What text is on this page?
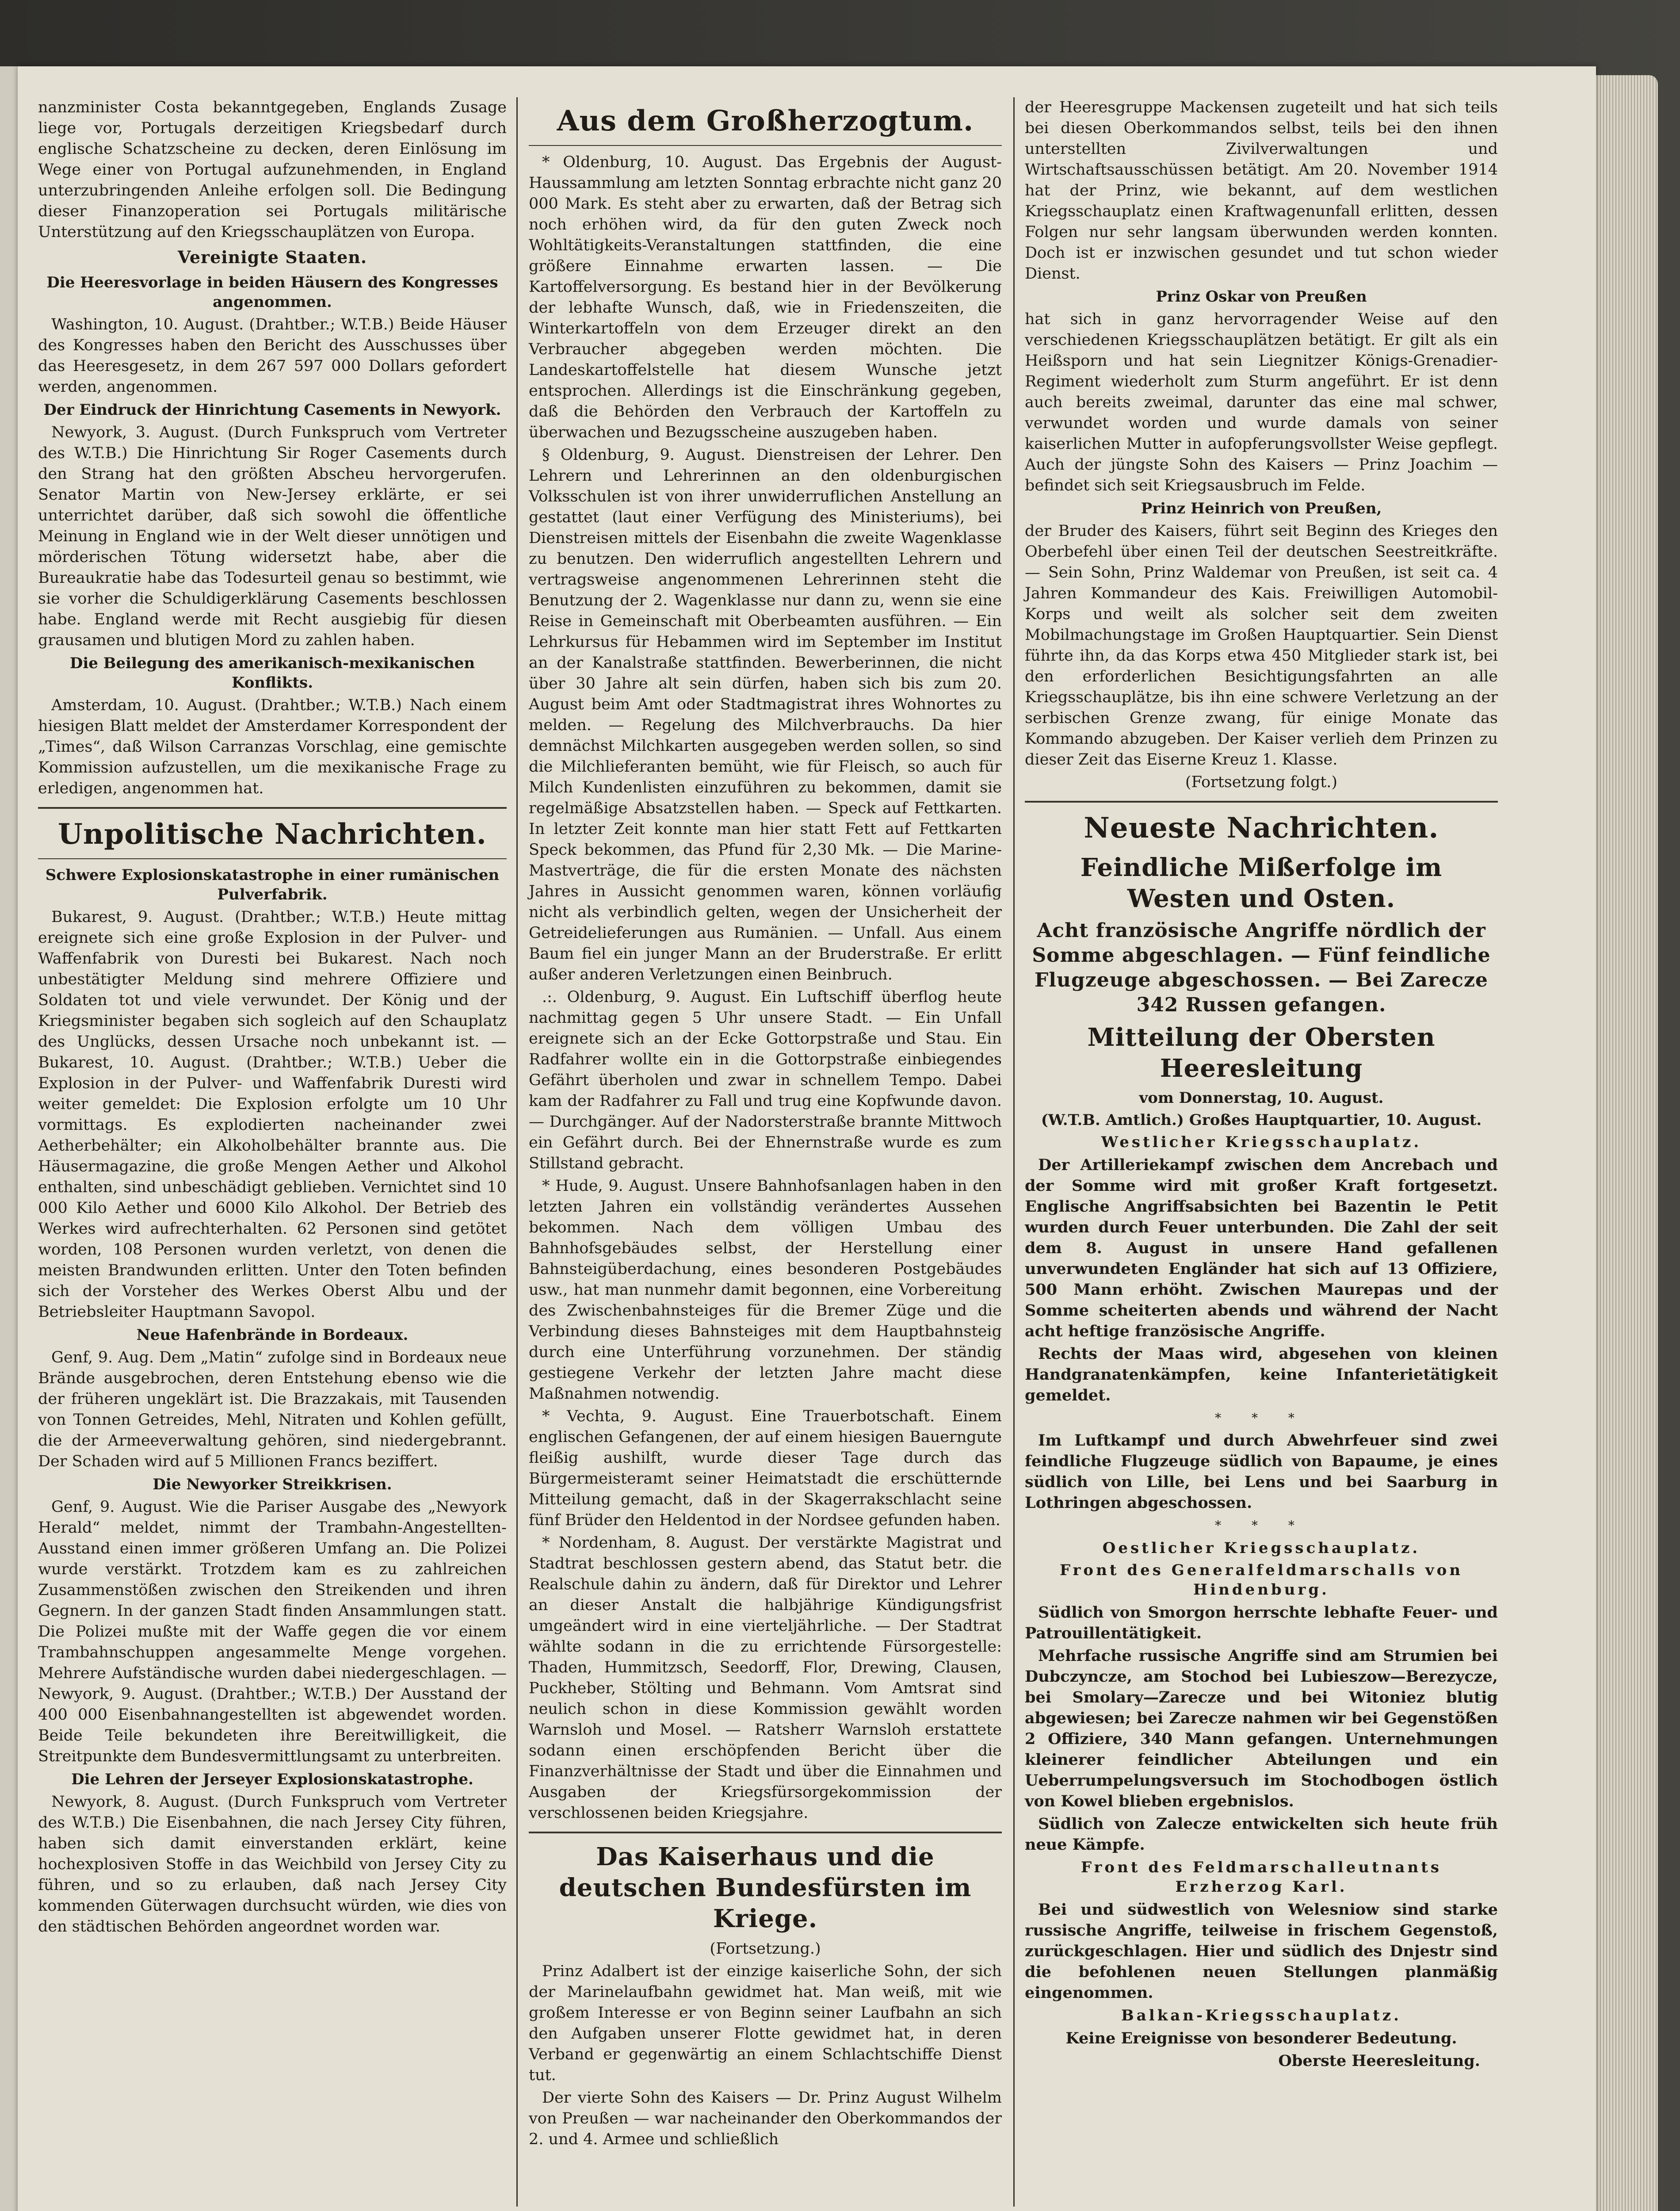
nanzminister Costa bekanntgegeben, Englands Zusage liege vor, Portugals derzeitigen Kriegsbedarf durch englische Schatzscheine zu decken, deren Einlösung im Wege einer von Portugal aufzunehmenden, in England unterzubringenden Anleihe erfolgen soll. Die Bedingung dieser Finanzoperation sei Portugals militärische Unterstützung auf den Kriegsschauplätzen von Europa.

Vereinigte Staaten.
Die Heeresvorlage in beiden Häusern des Kongresses angenommen.

Washington, 10. August. (Drahtber.; W.T.B.) Beide Häuser des Kongresses haben den Bericht des Ausschusses über das Heeresgesetz, in dem 267 597 000 Dollars gefordert werden, angenommen.

Der Eindruck der Hinrichtung Casements in Newyork.

Newyork, 3. August. (Durch Funkspruch vom Vertreter des W.T.B.) Die Hinrichtung Sir Roger Casements durch den Strang hat den größten Abscheu hervorgerufen. Senator Martin von New-Jersey erklärte, er sei unterrichtet darüber, daß sich sowohl die öffentliche Meinung in England wie in der Welt dieser unnötigen und mörderischen Tötung widersetzt habe, aber die Bureaukratie habe das Todesurteil genau so bestimmt, wie sie vorher die Schuldigerklärung Casements beschlossen habe. England werde mit Recht ausgiebig für diesen grausamen und blutigen Mord zu zahlen haben.

Die Beilegung des amerikanisch-mexikanischen Konflikts.

Amsterdam, 10. August. (Drahtber.; W.T.B.) Nach einem hiesigen Blatt meldet der Amsterdamer Korrespondent der „Times“, daß Wilson Carranzas Vorschlag, eine gemischte Kommission aufzustellen, um die mexikanische Frage zu erledigen, angenommen hat.

Unpolitische Nachrichten.
Schwere Explosionskatastrophe in einer rumänischen Pulverfabrik.

Bukarest, 9. August. (Drahtber.; W.T.B.) Heute mittag ereignete sich eine große Explosion in der Pulver- und Waffenfabrik von Duresti bei Bukarest. Nach noch unbestätigter Meldung sind mehrere Offiziere und Soldaten tot und viele verwundet. Der König und der Kriegsminister begaben sich sogleich auf den Schauplatz des Unglücks, dessen Ursache noch unbekannt ist. — Bukarest, 10. August. (Drahtber.; W.T.B.) Ueber die Explosion in der Pulver- und Waffenfabrik Duresti wird weiter gemeldet: Die Explosion erfolgte um 10 Uhr vormittags. Es explodierten nacheinander zwei Aetherbehälter; ein Alkoholbehälter brannte aus. Die Häusermagazine, die große Mengen Aether und Alkohol enthalten, sind unbeschädigt geblieben. Vernichtet sind 10 000 Kilo Aether und 6000 Kilo Alkohol. Der Betrieb des Werkes wird aufrechterhalten. 62 Personen sind getötet worden, 108 Personen wurden verletzt, von denen die meisten Brandwunden erlitten. Unter den Toten befinden sich der Vorsteher des Werkes Oberst Albu und der Betriebsleiter Hauptmann Savopol.

Neue Hafenbrände in Bordeaux.

Genf, 9. Aug. Dem „Matin“ zufolge sind in Bordeaux neue Brände ausgebrochen, deren Entstehung ebenso wie die der früheren ungeklärt ist. Die Brazzakais, mit Tausenden von Tonnen Getreides, Mehl, Nitraten und Kohlen gefüllt, die der Armeeverwaltung gehören, sind niedergebrannt. Der Schaden wird auf 5 Millionen Francs beziffert.

Die Newyorker Streikkrisen.

Genf, 9. August. Wie die Pariser Ausgabe des „Newyork Herald“ meldet, nimmt der Trambahn-Angestellten-Ausstand einen immer größeren Umfang an. Die Polizei wurde verstärkt. Trotzdem kam es zu zahlreichen Zusammenstößen zwischen den Streikenden und ihren Gegnern. In der ganzen Stadt finden Ansammlungen statt. Die Polizei mußte mit der Waffe gegen die vor einem Trambahnschuppen angesammelte Menge vorgehen. Mehrere Aufständische wurden dabei niedergeschlagen. — Newyork, 9. August. (Drahtber.; W.T.B.) Der Ausstand der 400 000 Eisenbahnangestellten ist abgewendet worden. Beide Teile bekundeten ihre Bereitwilligkeit, die Streitpunkte dem Bundesvermittlungsamt zu unterbreiten.

Die Lehren der Jerseyer Explosionskatastrophe.

Newyork, 8. August. (Durch Funkspruch vom Vertreter des W.T.B.) Die Eisenbahnen, die nach Jersey City führen, haben sich damit einverstanden erklärt, keine hochexplosiven Stoffe in das Weichbild von Jersey City zu führen, und so zu erlauben, daß nach Jersey City kommenden Güterwagen durchsucht würden, wie dies von den städtischen Behörden angeordnet worden war.

Aus dem Großherzogtum.

* Oldenburg, 10. August. Das Ergebnis der August-Haussammlung am letzten Sonntag erbrachte nicht ganz 20 000 Mark. Es steht aber zu erwarten, daß der Betrag sich noch erhöhen wird, da für den guten Zweck noch Wohltätigkeits-Veranstaltungen stattfinden, die eine größere Einnahme erwarten lassen. — Die Kartoffelversorgung. Es bestand hier in der Bevölkerung der lebhafte Wunsch, daß, wie in Friedenszeiten, die Winterkartoffeln von dem Erzeuger direkt an den Verbraucher abgegeben werden möchten. Die Landeskartoffelstelle hat diesem Wunsche jetzt entsprochen. Allerdings ist die Einschränkung gegeben, daß die Behörden den Verbrauch der Kartoffeln zu überwachen und Bezugsscheine auszugeben haben.

§ Oldenburg, 9. August. Dienstreisen der Lehrer. Den Lehrern und Lehrerinnen an den oldenburgischen Volksschulen ist von ihrer unwiderruflichen Anstellung an gestattet (laut einer Verfügung des Ministeriums), bei Dienstreisen mittels der Eisenbahn die zweite Wagenklasse zu benutzen. Den widerruflich angestellten Lehrern und vertragsweise angenommenen Lehrerinnen steht die Benutzung der 2. Wagenklasse nur dann zu, wenn sie eine Reise in Gemeinschaft mit Oberbeamten ausführen. — Ein Lehrkursus für Hebammen wird im September im Institut an der Kanalstraße stattfinden. Bewerberinnen, die nicht über 30 Jahre alt sein dürfen, haben sich bis zum 20. August beim Amt oder Stadtmagistrat ihres Wohnortes zu melden. — Regelung des Milchverbrauchs. Da hier demnächst Milchkarten ausgegeben werden sollen, so sind die Milchlieferanten bemüht, wie für Fleisch, so auch für Milch Kundenlisten einzuführen zu bekommen, damit sie regelmäßige Absatzstellen haben. — Speck auf Fettkarten. In letzter Zeit konnte man hier statt Fett auf Fettkarten Speck bekommen, das Pfund für 2,30 Mk. — Die Marine-Mastverträge, die für die ersten Monate des nächsten Jahres in Aussicht genommen waren, können vorläufig nicht als verbindlich gelten, wegen der Unsicherheit der Getreidelieferungen aus Rumänien. — Unfall. Aus einem Baum fiel ein junger Mann an der Bruderstraße. Er erlitt außer anderen Verletzungen einen Beinbruch.

.:. Oldenburg, 9. August. Ein Luftschiff überflog heute nachmittag gegen 5 Uhr unsere Stadt. — Ein Unfall ereignete sich an der Ecke Gottorpstraße und Stau. Ein Radfahrer wollte ein in die Gottorpstraße einbiegendes Gefährt überholen und zwar in schnellem Tempo. Dabei kam der Radfahrer zu Fall und trug eine Kopfwunde davon. — Durchgänger. Auf der Nadorsterstraße brannte Mittwoch ein Gefährt durch. Bei der Ehnernstraße wurde es zum Stillstand gebracht.

* Hude, 9. August. Unsere Bahnhofsanlagen haben in den letzten Jahren ein vollständig verändertes Aussehen bekommen. Nach dem völligen Umbau des Bahnhofsgebäudes selbst, der Herstellung einer Bahnsteigüberdachung, eines besonderen Postgebäudes usw., hat man nunmehr damit begonnen, eine Vorbereitung des Zwischenbahnsteiges für die Bremer Züge und die Verbindung dieses Bahnsteiges mit dem Hauptbahnsteig durch eine Unterführung vorzunehmen. Der ständig gestiegene Verkehr der letzten Jahre macht diese Maßnahmen notwendig.

* Vechta, 9. August. Eine Trauerbotschaft. Einem englischen Gefangenen, der auf einem hiesigen Bauerngute fleißig aushilft, wurde dieser Tage durch das Bürgermeisteramt seiner Heimatstadt die erschütternde Mitteilung gemacht, daß in der Skagerrakschlacht seine fünf Brüder den Heldentod in der Nordsee gefunden haben.

* Nordenham, 8. August. Der verstärkte Magistrat und Stadtrat beschlossen gestern abend, das Statut betr. die Realschule dahin zu ändern, daß für Direktor und Lehrer an dieser Anstalt die halbjährige Kündigungsfrist umgeändert wird in eine vierteljährliche. — Der Stadtrat wählte sodann in die zu errichtende Fürsorgestelle: Thaden, Hummitzsch, Seedorff, Flor, Drewing, Clausen, Puckheber, Stölting und Behmann. Vom Amtsrat sind neulich schon in diese Kommission gewählt worden Warnsloh und Mosel. — Ratsherr Warnsloh erstattete sodann einen erschöpfenden Bericht über die Finanzverhältnisse der Stadt und über die Einnahmen und Ausgaben der Kriegsfürsorgekommission der verschlossenen beiden Kriegsjahre.

Das Kaiserhaus und die deutschen Bundesfürsten im Kriege.

(Fortsetzung.)

Prinz Adalbert ist der einzige kaiserliche Sohn, der sich der Marinelaufbahn gewidmet hat. Man weiß, mit wie großem Interesse er von Beginn seiner Laufbahn an sich den Aufgaben unserer Flotte gewidmet hat, in deren Verband er gegenwärtig an einem Schlachtschiffe Dienst tut.

Der vierte Sohn des Kaisers — Dr. Prinz August Wilhelm von Preußen — war nacheinander den Oberkommandos der 2. und 4. Armee und schließlich

der Heeresgruppe Mackensen zugeteilt und hat sich teils bei diesen Oberkommandos selbst, teils bei den ihnen unterstellten Zivilverwaltungen und Wirtschaftsausschüssen betätigt. Am 20. November 1914 hat der Prinz, wie bekannt, auf dem westlichen Kriegsschauplatz einen Kraftwagenunfall erlitten, dessen Folgen nur sehr langsam überwunden werden konnten. Doch ist er inzwischen gesundet und tut schon wieder Dienst.

Prinz Oskar von Preußen

hat sich in ganz hervorragender Weise auf den verschiedenen Kriegsschauplätzen betätigt. Er gilt als ein Heißsporn und hat sein Liegnitzer Königs-Grenadier-Regiment wiederholt zum Sturm angeführt. Er ist denn auch bereits zweimal, darunter das eine mal schwer, verwundet worden und wurde damals von seiner kaiserlichen Mutter in aufopferungsvollster Weise gepflegt. Auch der jüngste Sohn des Kaisers — Prinz Joachim — befindet sich seit Kriegsausbruch im Felde.

Prinz Heinrich von Preußen,

der Bruder des Kaisers, führt seit Beginn des Krieges den Oberbefehl über einen Teil der deutschen Seestreitkräfte. — Sein Sohn, Prinz Waldemar von Preußen, ist seit ca. 4 Jahren Kommandeur des Kais. Freiwilligen Automobil-Korps und weilt als solcher seit dem zweiten Mobilmachungstage im Großen Hauptquartier. Sein Dienst führte ihn, da das Korps etwa 450 Mitglieder stark ist, bei den erforderlichen Besichtigungsfahrten an alle Kriegsschauplätze, bis ihn eine schwere Verletzung an der serbischen Grenze zwang, für einige Monate das Kommando abzugeben. Der Kaiser verlieh dem Prinzen zu dieser Zeit das Eiserne Kreuz 1. Klasse.

(Fortsetzung folgt.)

Neueste Nachrichten.
Feindliche Mißerfolge im Westen und Osten.
Acht französische Angriffe nördlich der Somme abgeschlagen. — Fünf feindliche Flugzeuge abgeschossen. — Bei Zarecze 342 Russen gefangen.
Mitteilung der Obersten Heeresleitung
vom Donnerstag, 10. August.
(W.T.B. Amtlich.) Großes Hauptquartier, 10. August.
Westlicher Kriegsschauplatz.

Der Artilleriekampf zwischen dem Ancrebach und der Somme wird mit großer Kraft fortgesetzt. Englische Angriffsabsichten bei Bazentin le Petit wurden durch Feuer unterbunden. Die Zahl der seit dem 8. August in unsere Hand gefallenen unverwundeten Engländer hat sich auf 13 Offiziere, 500 Mann erhöht. Zwischen Maurepas und der Somme scheiterten abends und während der Nacht acht heftige französische Angriffe.

Rechts der Maas wird, abgesehen von kleinen Handgranatenkämpfen, keine Infanterietätigkeit gemeldet.

* * *

Im Luftkampf und durch Abwehrfeuer sind zwei feindliche Flugzeuge südlich von Bapaume, je eines südlich von Lille, bei Lens und bei Saarburg in Lothringen abgeschossen.

* * *
Oestlicher Kriegsschauplatz.
Front des Generalfeldmarschalls von Hindenburg.

Südlich von Smorgon herrschte lebhafte Feuer- und Patrouillentätigkeit.

Mehrfache russische Angriffe sind am Strumien bei Dubczyncze, am Stochod bei Lubieszow—Berezycze, bei Smolary—Zarecze und bei Witoniez blutig abgewiesen; bei Zarecze nahmen wir bei Gegenstößen 2 Offiziere, 340 Mann gefangen. Unternehmungen kleinerer feindlicher Abteilungen und ein Ueberrumpelungsversuch im Stochodbogen östlich von Kowel blieben ergebnislos.

Südlich von Zalecze entwickelten sich heute früh neue Kämpfe.

Front des Feldmarschalleutnants Erzherzog Karl.

Bei und südwestlich von Welesniow sind starke russische Angriffe, teilweise in frischem Gegenstoß, zurückgeschlagen. Hier und südlich des Dnjestr sind die befohlenen neuen Stellungen planmäßig eingenommen.

Balkan-Kriegsschauplatz.

Keine Ereignisse von besonderer Bedeutung.

Oberste Heeresleitung.
